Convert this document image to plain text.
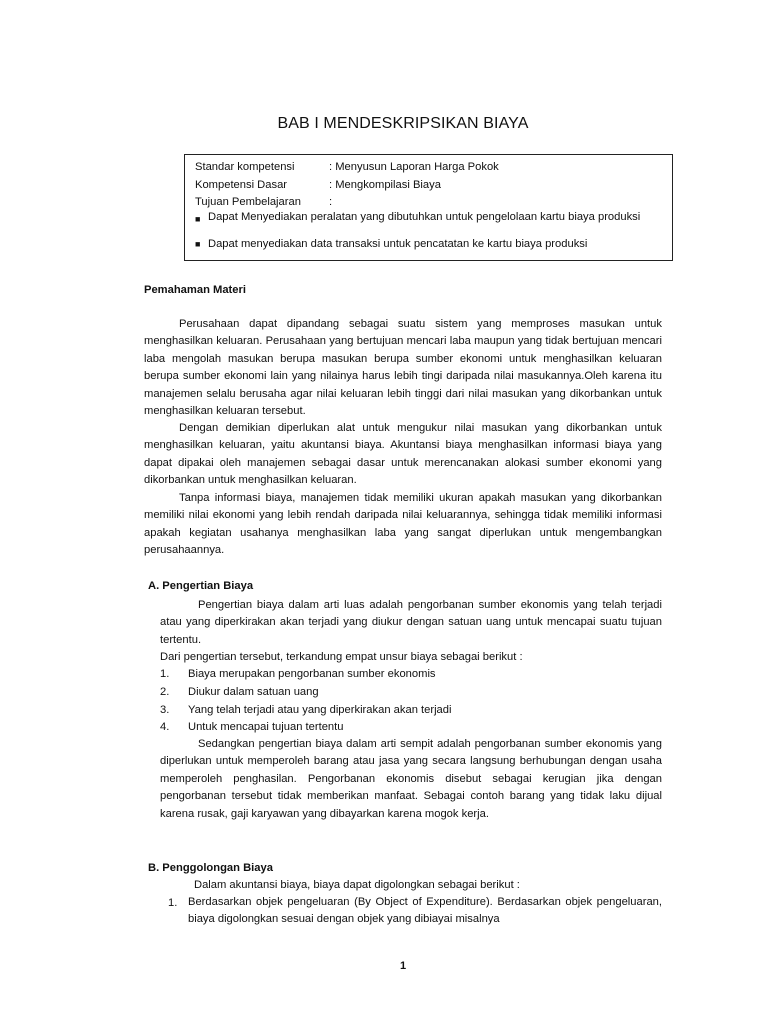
BAB I MENDESKRIPSIKAN BIAYA
Standar kompetensi	: Menyusun Laporan Harga Pokok
Kompetensi Dasar	: Mengkompilasi Biaya
Tujuan Pembelajaran	:
■ Dapat Menyediakan peralatan yang dibutuhkan untuk pengelolaan kartu biaya produksi
■ Dapat menyediakan data transaksi untuk pencatatan ke kartu biaya produksi
Pemahaman Materi

Perusahaan dapat dipandang sebagai suatu sistem yang memproses masukan untuk menghasilkan keluaran. Perusahaan yang bertujuan mencari laba maupun yang tidak bertujuan mencari laba mengolah masukan berupa masukan berupa sumber ekonomi untuk menghasilkan keluaran berupa sumber ekonomi lain yang nilainya harus lebih tingi daripada nilai masukannya.Oleh karena itu manajemen selalu berusaha agar nilai keluaran lebih tinggi dari nilai masukan yang dikorbankan untuk menghasilkan keluaran tersebut.

Dengan demikian diperlukan alat untuk mengukur nilai masukan yang dikorbankan untuk menghasilkan keluaran, yaitu akuntansi biaya. Akuntansi biaya menghasilkan informasi biaya yang dapat dipakai oleh manajemen sebagai dasar untuk merencanakan alokasi sumber ekonomi yang dikorbankan untuk menghasilkan keluaran.

Tanpa informasi biaya, manajemen tidak memiliki ukuran apakah masukan yang dikorbankan memiliki nilai ekonomi yang lebih rendah daripada nilai keluarannya, sehingga tidak memiliki informasi apakah kegiatan usahanya menghasilkan laba yang sangat diperlukan untuk mengembangkan perusahaannya.

A. Pengertian Biaya

Pengertian biaya dalam arti luas adalah pengorbanan sumber ekonomis yang telah terjadi atau yang diperkirakan akan terjadi yang diukur dengan satuan uang untuk mencapai suatu tujuan tertentu.

Dari pengertian tersebut, terkandung empat unsur biaya sebagai berikut :

1. Biaya merupakan pengorbanan sumber ekonomis
2. Diukur dalam satuan uang
3. Yang telah terjadi atau yang diperkirakan akan terjadi
4. Untuk mencapai tujuan tertentu

Sedangkan pengertian biaya dalam arti sempit adalah pengorbanan sumber ekonomis yang diperlukan untuk memperoleh barang atau jasa yang secara langsung berhubungan dengan usaha memperoleh penghasilan. Pengorbanan ekonomis disebut sebagai kerugian jika dengan pengorbanan tersebut tidak memberikan manfaat. Sebagai contoh barang yang tidak laku dijual karena rusak, gaji karyawan yang dibayarkan karena mogok kerja.

B. Penggolongan Biaya

Dalam akuntansi biaya, biaya dapat digolongkan sebagai berikut :

1. Berdasarkan objek pengeluaran (By Object of Expenditure). Berdasarkan objek pengeluaran, biaya digolongkan sesuai dengan objek yang dibiayai misalnya

1
